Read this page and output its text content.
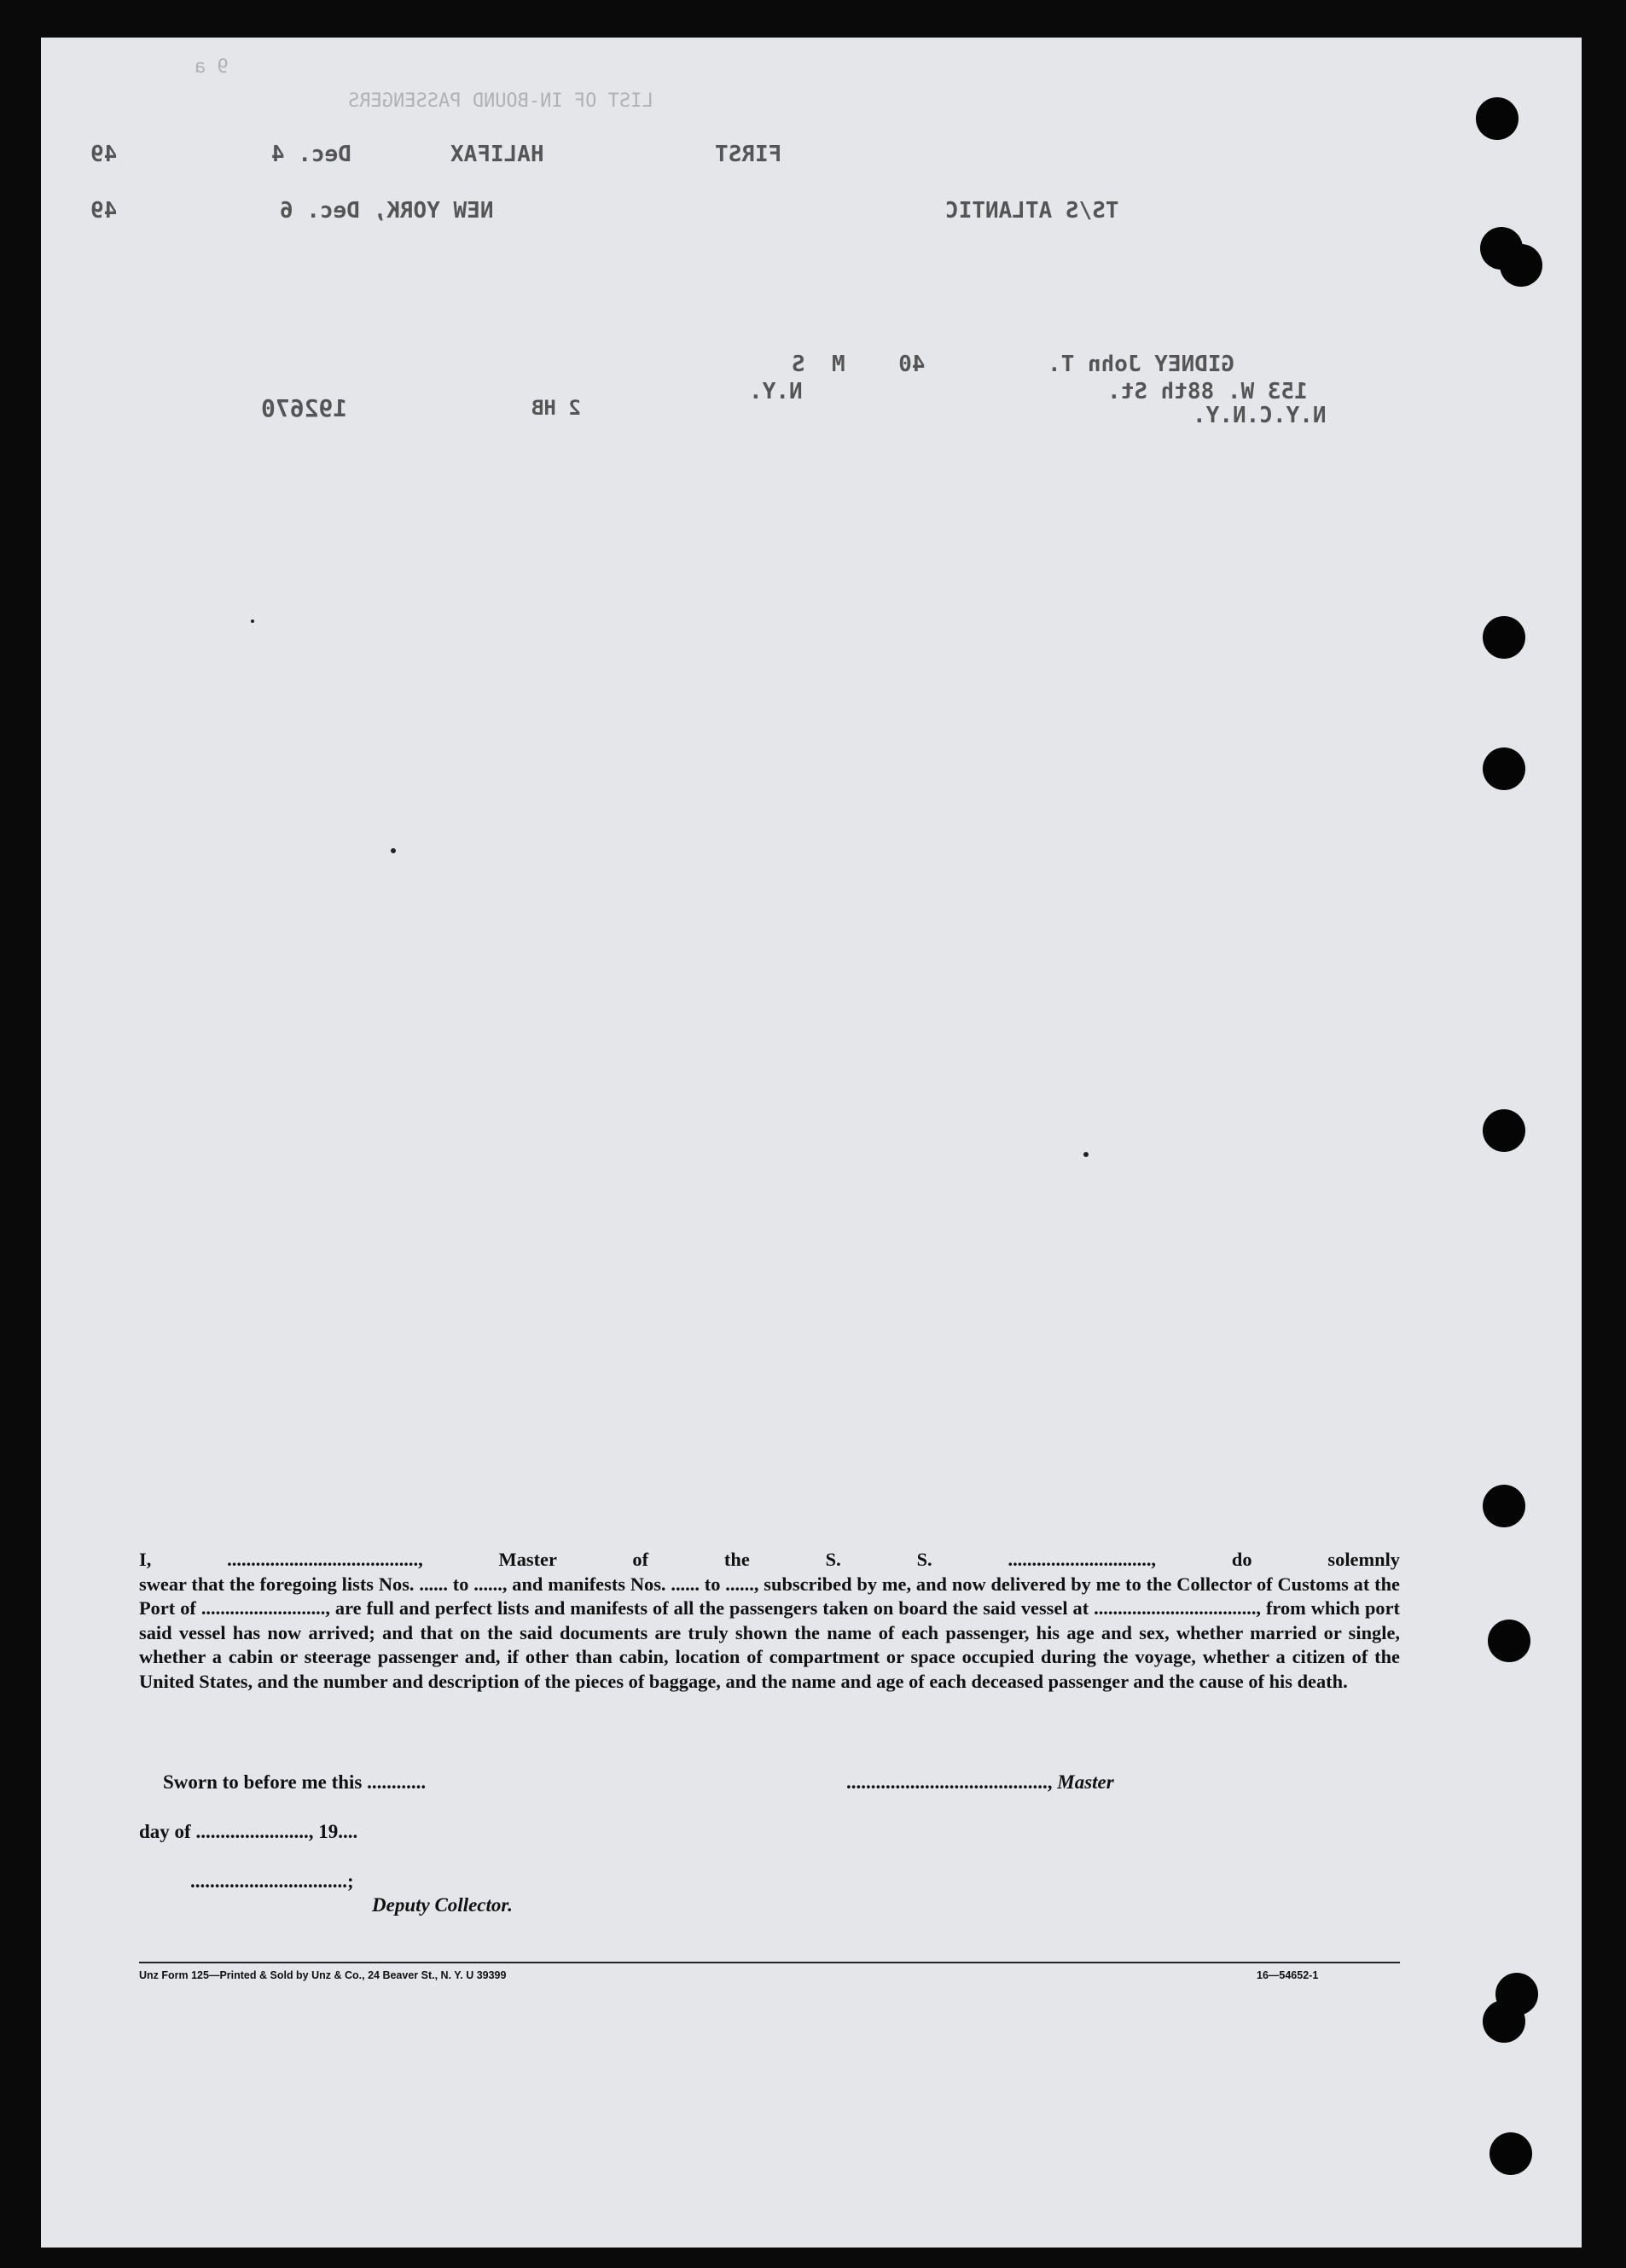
9 a
LIST OF IN-BOUND PASSENGERS
49	Dec. 4	HALIFAX	FIRST
49	NEW YORK, Dec. 6	TS/S ATLANTIC
GIDNEY John T.
40    M  S
153 W. 88th St.
N.Y.C.N.Y.
N.Y.
2 HB
192670

I, ........................................, Master of the S. S. .............................., do solemnly

swear that the foregoing lists Nos. ...... to ......, and manifests Nos. ...... to ......, subscribed by me, and now delivered by me to the Collector of Customs at the Port of .........................., are full and perfect lists and manifests of all the passengers taken on board the said vessel at .................................., from which port said vessel has now arrived; and that on the said documents are truly shown the name of each passenger, his age and sex, whether married or single, whether a cabin or steerage passenger and, if other than cabin, location of compartment or space occupied during the voyage, whether a citizen of the United States, and the number and description of the pieces of baggage, and the name and age of each deceased passenger and the cause of his death.

Sworn to before me this ............	........................................., Master
day of ......................., 19....
................................;
Deputy Collector.
Unz Form 125—Printed & Sold by Unz & Co., 24 Beaver St., N. Y. U 39399	16—54652-1
